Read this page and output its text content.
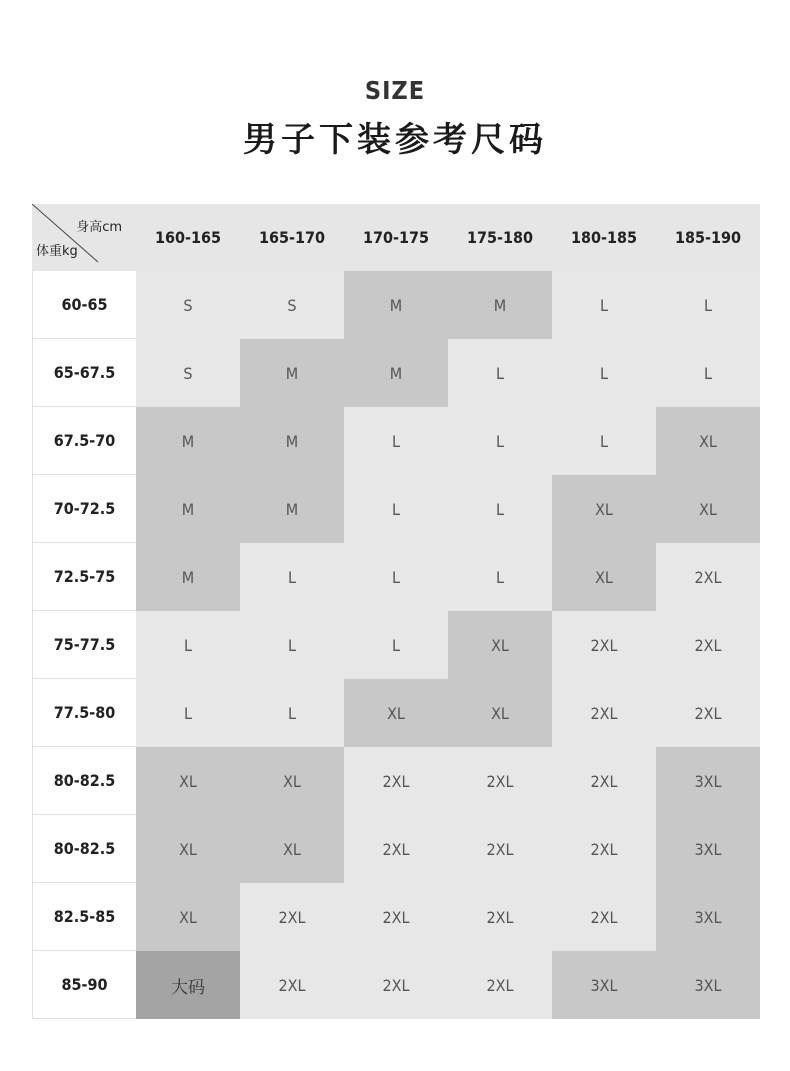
SIZE
男子下装参考尺码
身高cm
体重kg
160-165	165-170	170-175	175-180	180-185	185-190
60-65	S	S	M	M	L	L
65-67.5	S	M	M	L	L	L
67.5-70	M	M	L	L	L	XL
70-72.5	M	M	L	L	XL	XL
72.5-75	M	L	L	L	XL	2XL
75-77.5	L	L	L	XL	2XL	2XL
77.5-80	L	L	XL	XL	2XL	2XL
80-82.5	XL	XL	2XL	2XL	2XL	3XL
80-82.5	XL	XL	2XL	2XL	2XL	3XL
82.5-85	XL	2XL	2XL	2XL	2XL	3XL
85-90	大码	2XL	2XL	2XL	3XL	3XL
